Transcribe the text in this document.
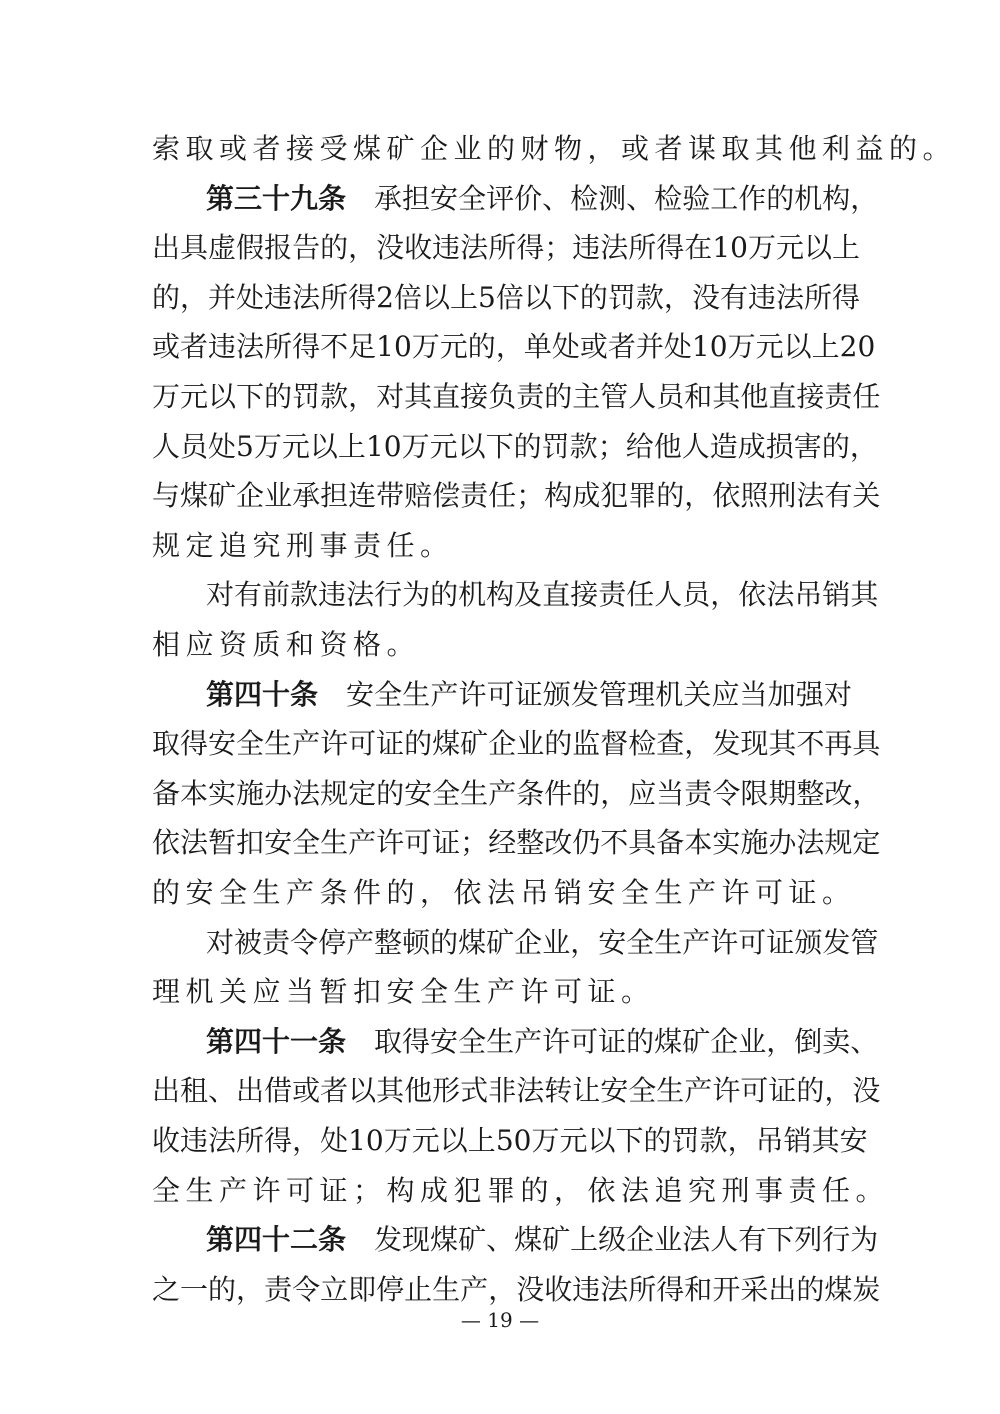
索取或者接受煤矿企业的财物，或者谋取其他利益的。
第三十九条 承 担 安 全 评 价 、 检 测 、 检 验 工 作 的 机 构 ，
出 具 虚 假 报 告 的 ， 没 收 违 法 所 得 ； 违 法 所 得 在 10 万 元 以 上
的 ， 并 处 违 法 所 得 2 倍 以 上 5 倍 以 下 的 罚 款 ， 没 有 违 法 所 得
或 者 违 法 所 得 不 足 10 万 元 的 ， 单 处 或 者 并 处 10 万 元 以 上 20
万 元 以 下 的 罚 款 ， 对 其 直 接 负 责 的 主 管 人 员 和 其 他 直 接 责 任
人 员 处 5 万 元 以 上 10 万 元 以 下 的 罚 款 ； 给 他 人 造 成 损 害 的 ，
与 煤 矿 企 业 承 担 连 带 赔 偿 责 任 ； 构 成 犯 罪 的 ， 依 照 刑 法 有 关
规定追究刑事责任。
对 有 前 款 违 法 行 为 的 机 构 及 直 接 责 任 人 员 ， 依 法 吊 销 其
相应资质和资格。
第四十条 安 全 生 产 许 可 证 颁 发 管 理 机 关 应 当 加 强 对
取 得 安 全 生 产 许 可 证 的 煤 矿 企 业 的 监 督 检 查 ， 发 现 其 不 再 具
备 本 实 施 办 法 规 定 的 安 全 生 产 条 件 的 ， 应 当 责 令 限 期 整 改 ，
依 法 暂 扣 安 全 生 产 许 可 证 ； 经 整 改 仍 不 具 备 本 实 施 办 法 规 定
的安全生产条件的，依法吊销安全生产许可证。
对 被 责 令 停 产 整 顿 的 煤 矿 企 业 ， 安 全 生 产 许 可 证 颁 发 管
理机关应当暂扣安全生产许可证。
第四十一条 取 得 安 全 生 产 许 可 证 的 煤 矿 企 业 ， 倒 卖 、
出 租 、 出 借 或 者 以 其 他 形 式 非 法 转 让 安 全 生 产 许 可 证 的 ， 没
收 违 法 所 得 ， 处 10 万 元 以 上 50 万 元 以 下 的 罚 款 ， 吊 销 其 安
全生产许可证；构成犯罪的，依法追究刑事责任。
第四十二条 发 现 煤 矿 、 煤 矿 上 级 企 业 法 人 有 下 列 行 为
之 一 的 ， 责 令 立 即 停 止 生 产 ， 没 收 违 法 所 得 和 开 采 出 的 煤 炭
— 19 —
